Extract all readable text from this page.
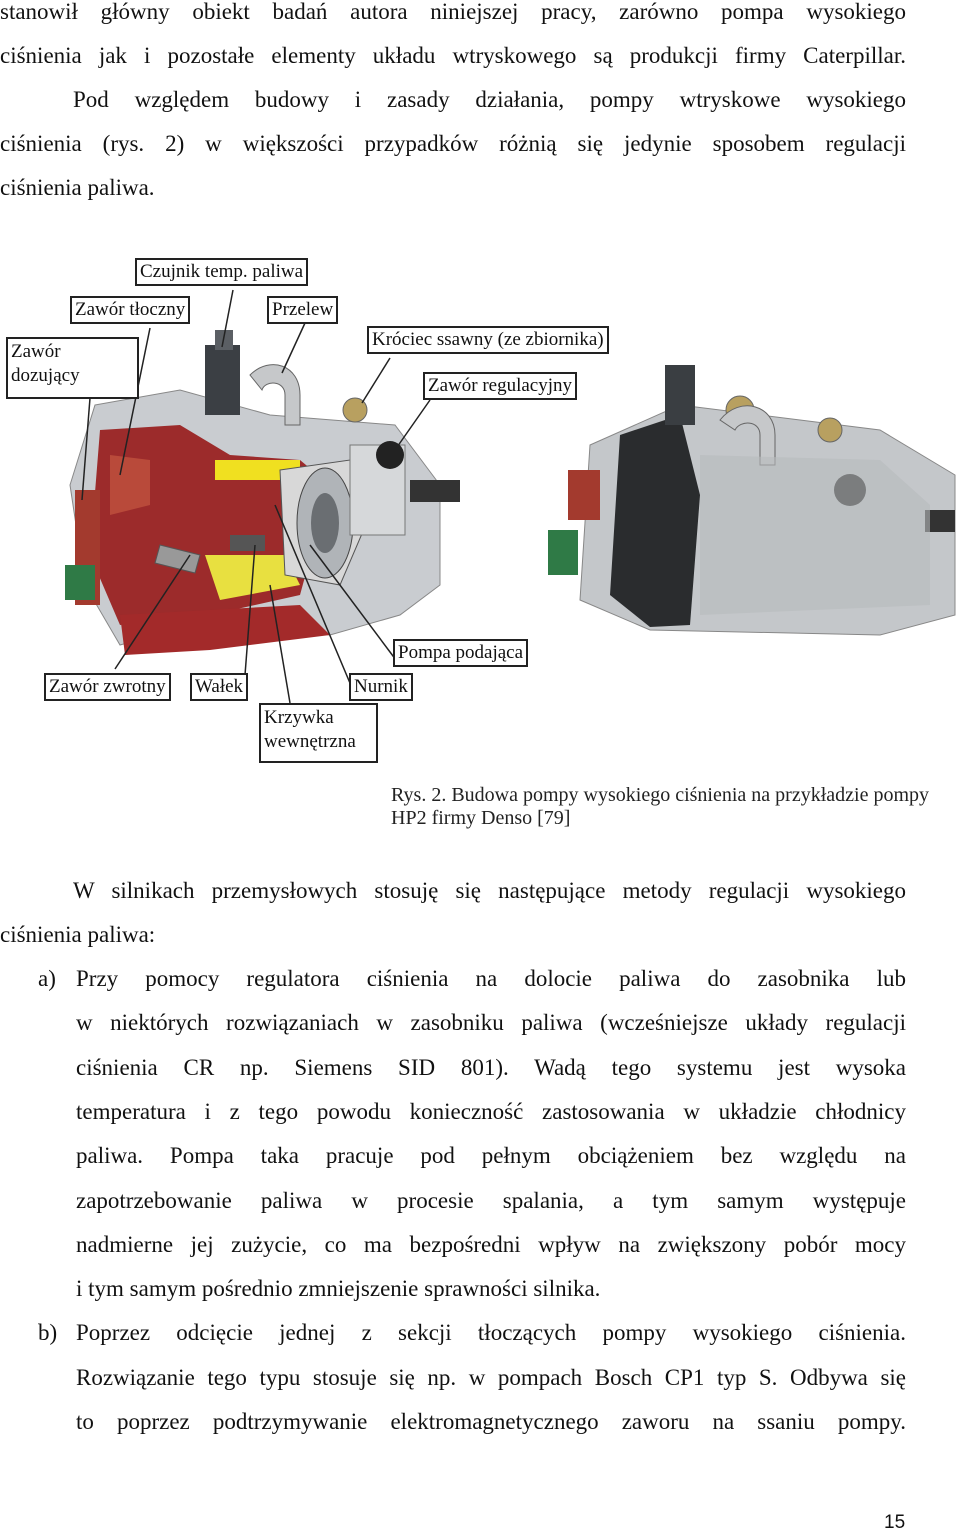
stanowił główny obiekt badań autora niniejszej pracy, zarówno pompa wysokiego
ciśnienia jak i pozostałe elementy układu wtryskowego są produkcji firmy Caterpillar.
Pod względem budowy i zasady działania, pompy wtryskowe wysokiego
ciśnienia (rys. 2) w większości przypadków różnią się jedynie sposobem regulacji
ciśnienia paliwa.
Czujnik temp. paliwa
Zawór tłoczny	Przelew
Zawór
dozujący
Króciec ssawny (ze zbiornika)
Zawór regulacyjny
Pompa podająca
Zawór zwrotny Wałek	Nurnik
Krzywka
wewnętrzna
Rys. 2. Budowa pompy wysokiego ciśnienia na przykładzie pompy HP2 firmy Denso [79]
W silnikach przemysłowych stosuję się następujące metody regulacji wysokiego
ciśnienia paliwa:
a) Przy pomocy regulatora ciśnienia na dolocie paliwa do zasobnika lub
w niektórych rozwiązaniach w zasobniku paliwa (wcześniejsze układy regulacji
ciśnienia CR np. Siemens SID 801). Wadą tego systemu jest wysoka
temperatura i z tego powodu konieczność zastosowania w układzie chłodnicy
paliwa. Pompa taka pracuje pod pełnym obciążeniem bez względu na
zapotrzebowanie paliwa w procesie spalania, a tym samym występuje
nadmierne jej zużycie, co ma bezpośredni wpływ na zwiększony pobór mocy
i tym samym pośrednio zmniejszenie sprawności silnika.
b) Poprzez odcięcie jednej z sekcji tłoczących pompy wysokiego ciśnienia.
Rozwiązanie tego typu stosuje się np. w pompach Bosch CP1 typ S. Odbywa się
to poprzez podtrzymywanie elektromagnetycznego zaworu na ssaniu pompy.
15
